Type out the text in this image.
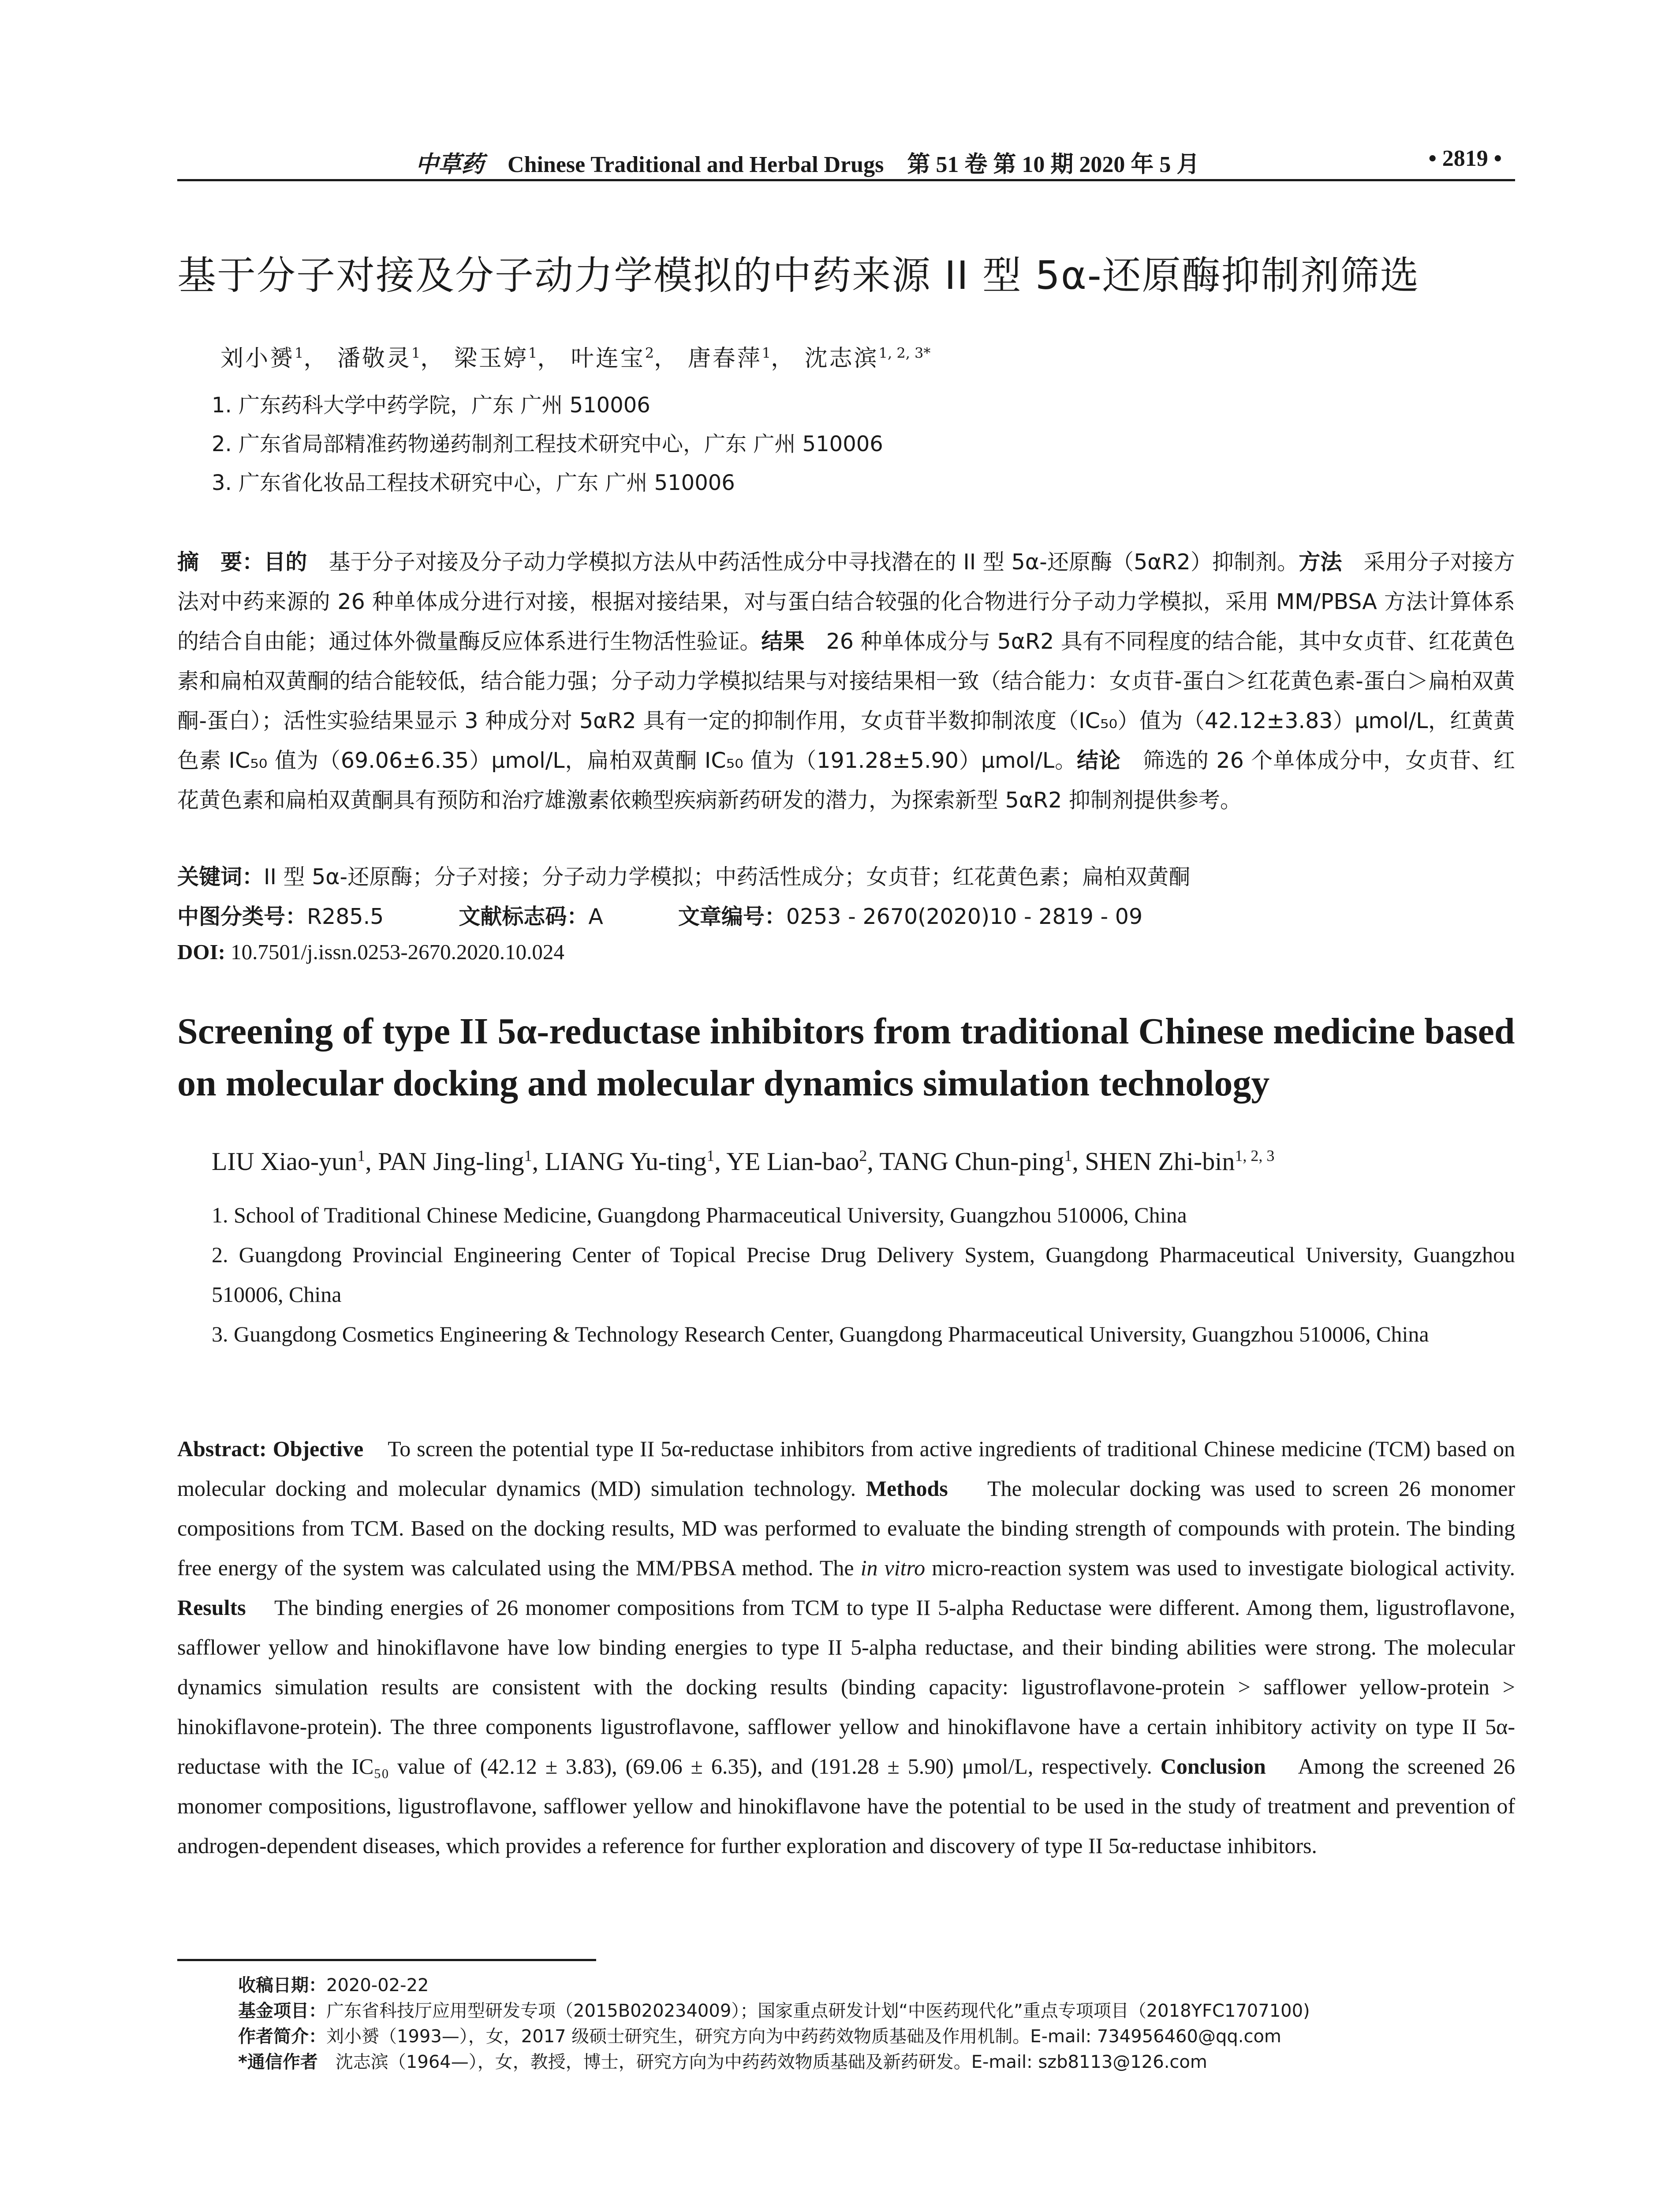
中草药 Chinese Traditional and Herbal Drugs 第 51 卷 第 10 期 2020 年 5 月	• 2819 •
基于分子对接及分子动力学模拟的中药来源 II 型 5α-还原酶抑制剂筛选
刘小赟$^1$， 潘敬灵$^1$， 梁玉婷$^1$， 叶连宝$^2$， 唐春萍$^1$， 沈志滨$^{1, 2, 3*}$
1. 广东药科大学中药学院，广东 广州 510006
2. 广东省局部精准药物递药制剂工程技术研究中心，广东 广州 510006
3. 广东省化妆品工程技术研究中心，广东 广州 510006
摘　要：目的　 基于分子对接及分子动力学模拟方法从中药活性成分中寻找潜在的 II 型 5α-还原酶（5αR2）抑制剂。方法　 采用分子对接方法对中药来源的 26 种单体成分进行对接，根据对接结果，对与蛋白结合较强的化合物进行分子动力学模拟，采用 MM/PBSA 方法计算体系的结合自由能；通过体外微量酶反应体系进行生物活性验证。结果　 26 种单体成分与 5αR2 具有不同程度的结合能，其中女贞苷、红花黄色素和扁柏双黄酮的结合能较低，结合能力强；分子动力学模拟结果与对接结果相一致（结合能力：女贞苷-蛋白＞红花黄色素-蛋白＞扁柏双黄酮-蛋白）；活性实验结果显示 3 种成分对 5αR2 具有一定的抑制作用，女贞苷半数抑制浓度（IC₅₀）值为（42.12±3.83）μmol/L，红黄黄色素 IC₅₀ 值为（69.06±6.35）μmol/L，扁柏双黄酮 IC₅₀ 值为（191.28±5.90）μmol/L。结论　 筛选的 26 个单体成分中，女贞苷、红花黄色素和扁柏双黄酮具有预防和治疗雄激素依赖型疾病新药研发的潜力，为探索新型 5αR2 抑制剂提供参考。
关键词：II 型 5α-还原酶；分子对接；分子动力学模拟；中药活性成分；女贞苷；红花黄色素；扁柏双黄酮
中图分类号：R285.5	文献标志码：A	文章编号：0253 - 2670(2020)10 - 2819 - 09
DOI: 10.7501/j.issn.0253-2670.2020.10.024
Screening of type II 5α-reductase inhibitors from traditional Chinese medicine based on molecular docking and molecular dynamics simulation technology
LIU Xiao-yun$^1$, PAN Jing-ling$^1$, LIANG Yu-ting$^1$, YE Lian-bao$^2$, TANG Chun-ping$^1$, SHEN Zhi-bin$^{1, 2, 3}$
1. School of Traditional Chinese Medicine, Guangdong Pharmaceutical University, Guangzhou 510006, China
2. Guangdong Provincial Engineering Center of Topical Precise Drug Delivery System, Guangdong Pharmaceutical University, Guangzhou 510006, China
3. Guangdong Cosmetics Engineering & Technology Research Center, Guangdong Pharmaceutical University, Guangzhou 510006, China
Abstract: Objective To screen the potential type II 5α-reductase inhibitors from active ingredients of traditional Chinese medicine (TCM) based on molecular docking and molecular dynamics (MD) simulation technology. Methods The molecular docking was used to screen 26 monomer compositions from TCM. Based on the docking results, MD was performed to evaluate the binding strength of compounds with protein. The binding free energy of the system was calculated using the MM/PBSA method. The in vitro micro-reaction system was used to investigate biological activity. Results The binding energies of 26 monomer compositions from TCM to type II 5-alpha Reductase were different. Among them, ligustroflavone, safflower yellow and hinokiflavone have low binding energies to type II 5-alpha reductase, and their binding abilities were strong. The molecular dynamics simulation results are consistent with the docking results (binding capacity: ligustroflavone-protein > safflower yellow-protein > hinokiflavone-protein). The three components ligustroflavone, safflower yellow and hinokiflavone have a certain inhibitory activity on type II 5α-reductase with the IC₅₀ value of (42.12 ± 3.83), (69.06 ± 6.35), and (191.28 ± 5.90) μmol/L, respectively. Conclusion Among the screened 26 monomer compositions, ligustroflavone, safflower yellow and hinokiflavone have the potential to be used in the study of treatment and prevention of androgen-dependent diseases, which provides a reference for further exploration and discovery of type II 5α-reductase inhibitors.
收稿日期：2020-02-22
基金项目：广东省科技厅应用型研发专项（2015B020234009）；国家重点研发计划“中医药现代化”重点专项项目（2018YFC1707100)
作者简介：刘小赟（1993—），女，2017 级硕士研究生，研究方向为中药药效物质基础及作用机制。E-mail: 734956460@qq.com
*通信作者　 沈志滨（1964—），女，教授，博士，研究方向为中药药效物质基础及新药研发。E-mail: szb8113@126.com
